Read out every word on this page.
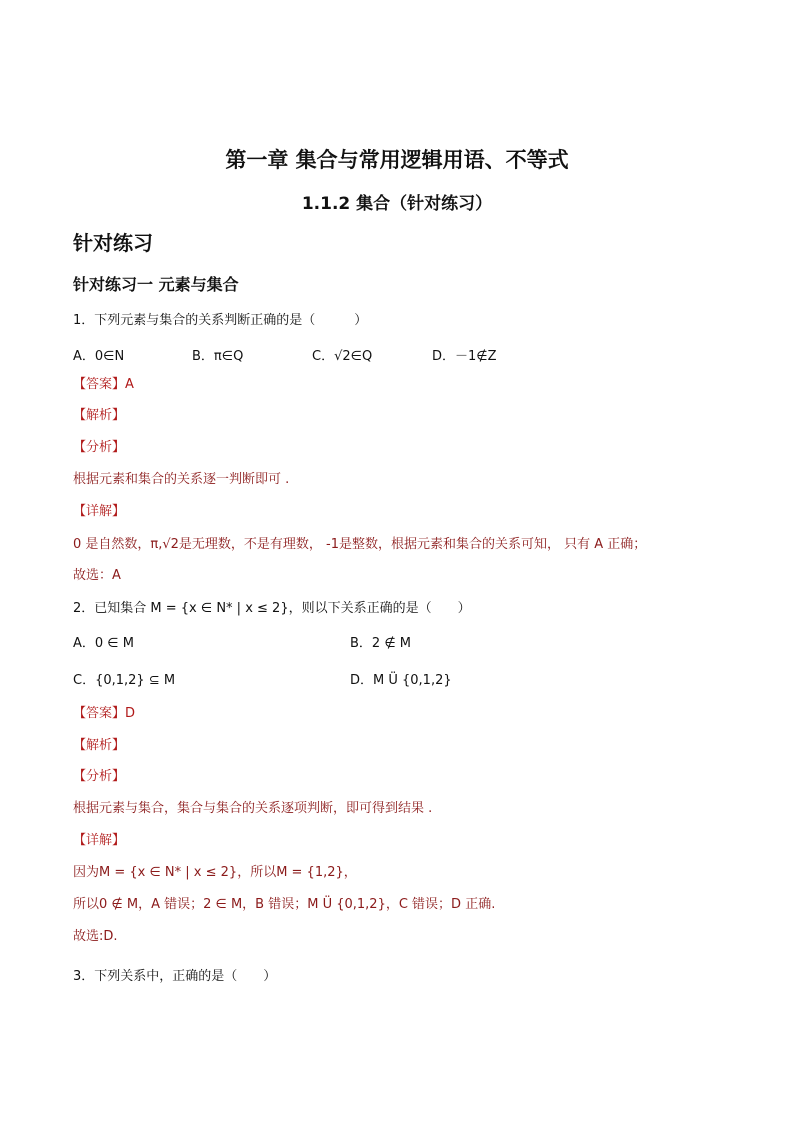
第一章 集合与常用逻辑用语、不等式
1.1.2 集合（针对练习）
针对练习
针对练习一 元素与集合
1．下列元素与集合的关系判断正确的是（　　　）
A．0∈N	B．π∈Q	C．√2∈Q	D．－1∉Z
【答案】A
【解析】
【分析】
根据元素和集合的关系逐一判断即可 .
【详解】
0 是自然数，π,√2是无理数，不是有理数， -1是整数，根据元素和集合的关系可知， 只有 A 正确；
故选：A
2．已知集合 M = {x ∈ N* | x ≤ 2}，则以下关系正确的是（　　）
A．0 ∈ M	B．2 ∉ M
C．{0,1,2} ⊆ M	D．M Ü {0,1,2}
【答案】D
【解析】
【分析】
根据元素与集合，集合与集合的关系逐项判断，即可得到结果 .
【详解】
因为M = {x ∈ N* | x ≤ 2}，所以M = {1,2}，
所以0 ∉ M，A 错误；2 ∈ M，B 错误；M Ü {0,1,2}，C 错误；D 正确.
故选:D.
3．下列关系中，正确的是（　　）
